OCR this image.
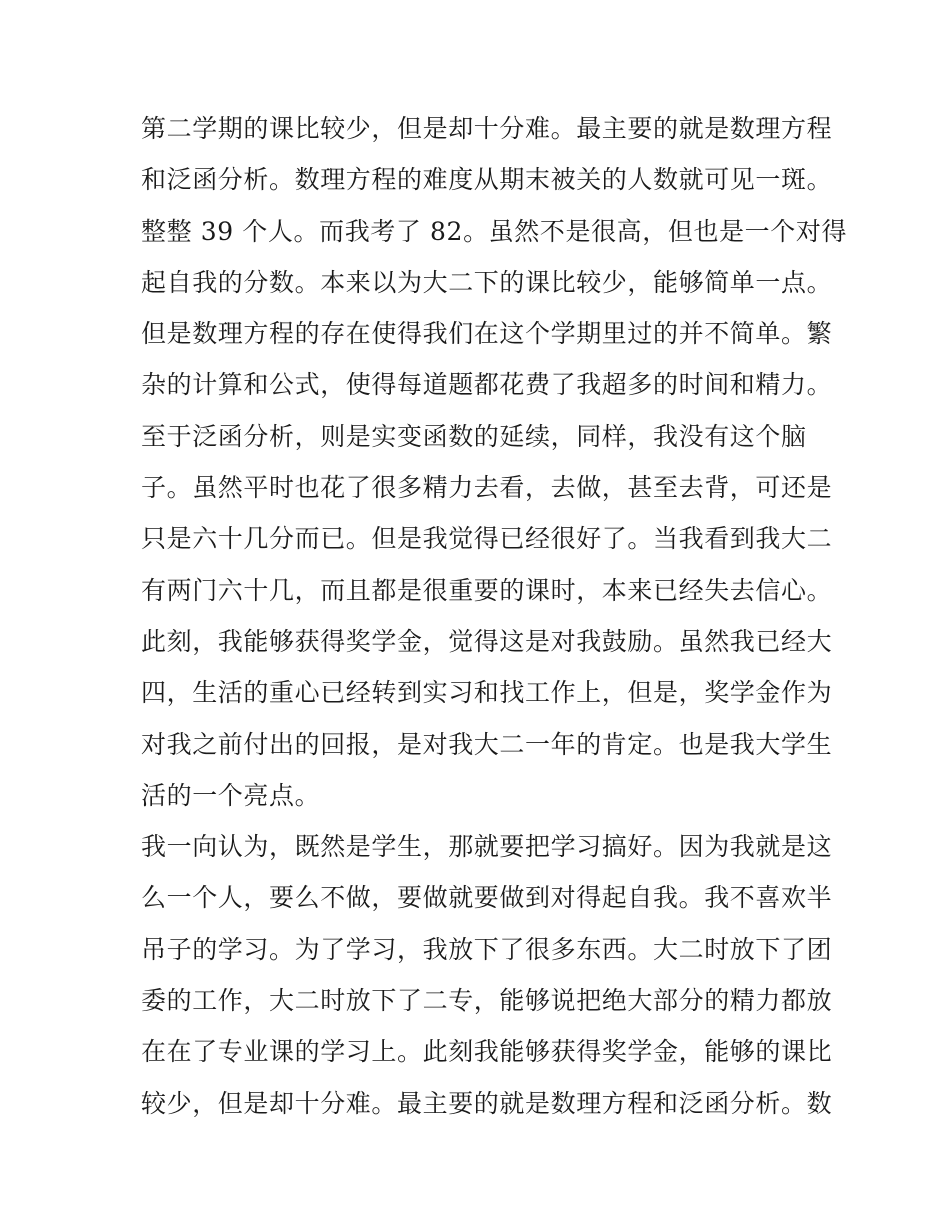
第二学期的课比较少，但是却十分难。最主要的就是数理方程
和泛函分析。数理方程的难度从期末被关的人数就可见一斑。
整整 39 个人。而我考了 82。虽然不是很高，但也是一个对得
起自我的分数。本来以为大二下的课比较少，能够简单一点。
但是数理方程的存在使得我们在这个学期里过的并不简单。繁
杂的计算和公式，使得每道题都花费了我超多的时间和精力。
至于泛函分析，则是实变函数的延续，同样，我没有这个脑
子。虽然平时也花了很多精力去看，去做，甚至去背，可还是
只是六十几分而已。但是我觉得已经很好了。当我看到我大二
有两门六十几，而且都是很重要的课时，本来已经失去信心。
此刻，我能够获得奖学金，觉得这是对我鼓励。虽然我已经大
四，生活的重心已经转到实习和找工作上，但是，奖学金作为
对我之前付出的回报，是对我大二一年的肯定。也是我大学生
活的一个亮点。
我一向认为，既然是学生，那就要把学习搞好。因为我就是这
么一个人，要么不做，要做就要做到对得起自我。我不喜欢半
吊子的学习。为了学习，我放下了很多东西。大二时放下了团
委的工作，大二时放下了二专，能够说把绝大部分的精力都放
在在了专业课的学习上。此刻我能够获得奖学金，能够的课比
较少，但是却十分难。最主要的就是数理方程和泛函分析。数
